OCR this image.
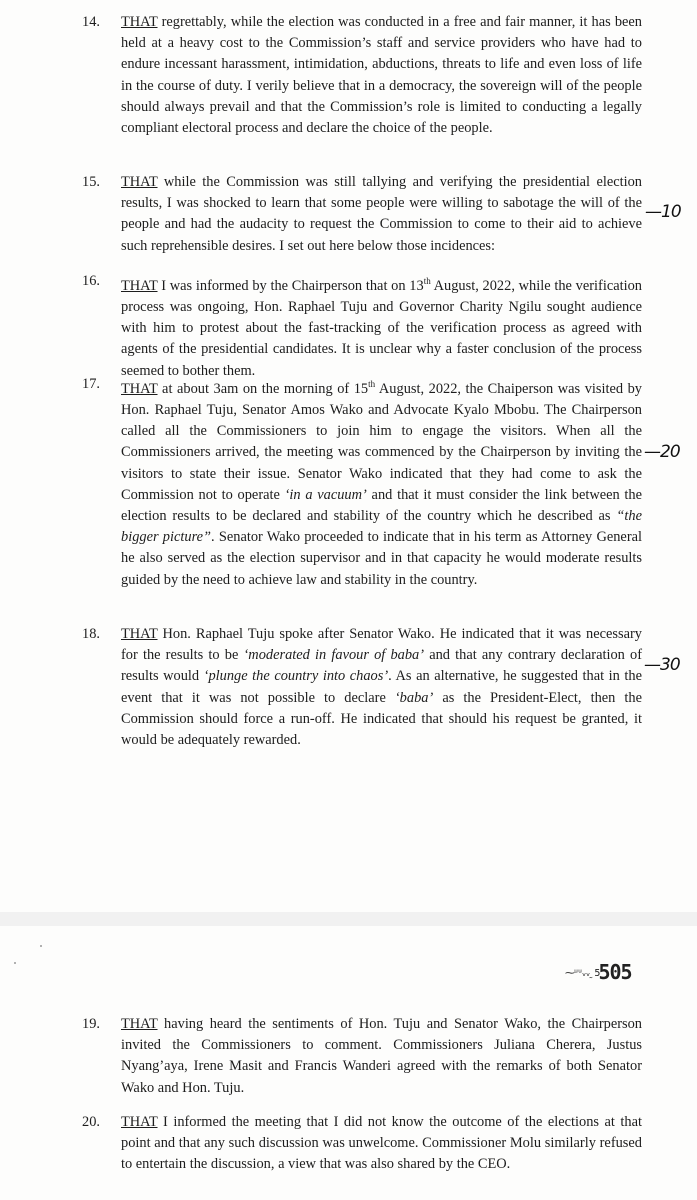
14.	THAT regrettably, while the election was conducted in a free and fair manner, it has been held at a heavy cost to the Commission’s staff and service providers who have had to endure incessant harassment, intimidation, abductions, threats to life and even loss of life in the course of duty. I verily believe that in a democracy, the sovereign will of the people should always prevail and that the Commission’s role is limited to conducting a legally compliant electoral process and declare the choice of the people.
15.	THAT while the Commission was still tallying and verifying the presidential election results, I was shocked to learn that some people were willing to sabotage the will of the people and had the audacity to request the Commission to come to their aid to achieve such reprehensible desires. I set out here below those incidences:
16.	THAT I was informed by the Chairperson that on 13th August, 2022, while the verification process was ongoing, Hon. Raphael Tuju and Governor Charity Ngilu sought audience with him to protest about the fast-tracking of the verification process as agreed with agents of the presidential candidates. It is unclear why a faster conclusion of the process seemed to bother them.
17.	THAT at about 3am on the morning of 15th August, 2022, the Chaiperson was visited by Hon. Raphael Tuju, Senator Amos Wako and Advocate Kyalo Mbobu. The Chairperson called all the Commissioners to join him to engage the visitors. When all the Commissioners arrived, the meeting was commenced by the Chairperson by inviting the visitors to state their issue. Senator Wako indicated that they had come to ask the Commission not to operate ‘in a vacuum’ and that it must consider the link between the election results to be declared and stability of the country which he described as “the bigger picture”. Senator Wako proceeded to indicate that in his term as Attorney General he also served as the election supervisor and in that capacity he would moderate results guided by the need to achieve law and stability in the country.
18.	THAT Hon. Raphael Tuju spoke after Senator Wako. He indicated that it was necessary for the results to be ‘moderated in favour of baba’ and that any contrary declaration of results would ‘plunge the country into chaos’. As an alternative, he suggested that in the event that it was not possible to declare ‘baba’ as the President-Elect, then the Commission should force a run-off. He indicated that should his request be granted, it would be adequately rewarded.
—10
—20
—30
⁓ᵘᵘᵥᵥ˷ 5505
19.	THAT having heard the sentiments of Hon. Tuju and Senator Wako, the Chairperson invited the Commissioners to comment. Commissioners Juliana Cherera, Justus Nyang’aya, Irene Masit and Francis Wanderi agreed with the remarks of both Senator Wako and Hon. Tuju.
20.	THAT I informed the meeting that I did not know the outcome of the elections at that point and that any such discussion was unwelcome. Commissioner Molu similarly refused to entertain the discussion, a view that was also shared by the CEO.
